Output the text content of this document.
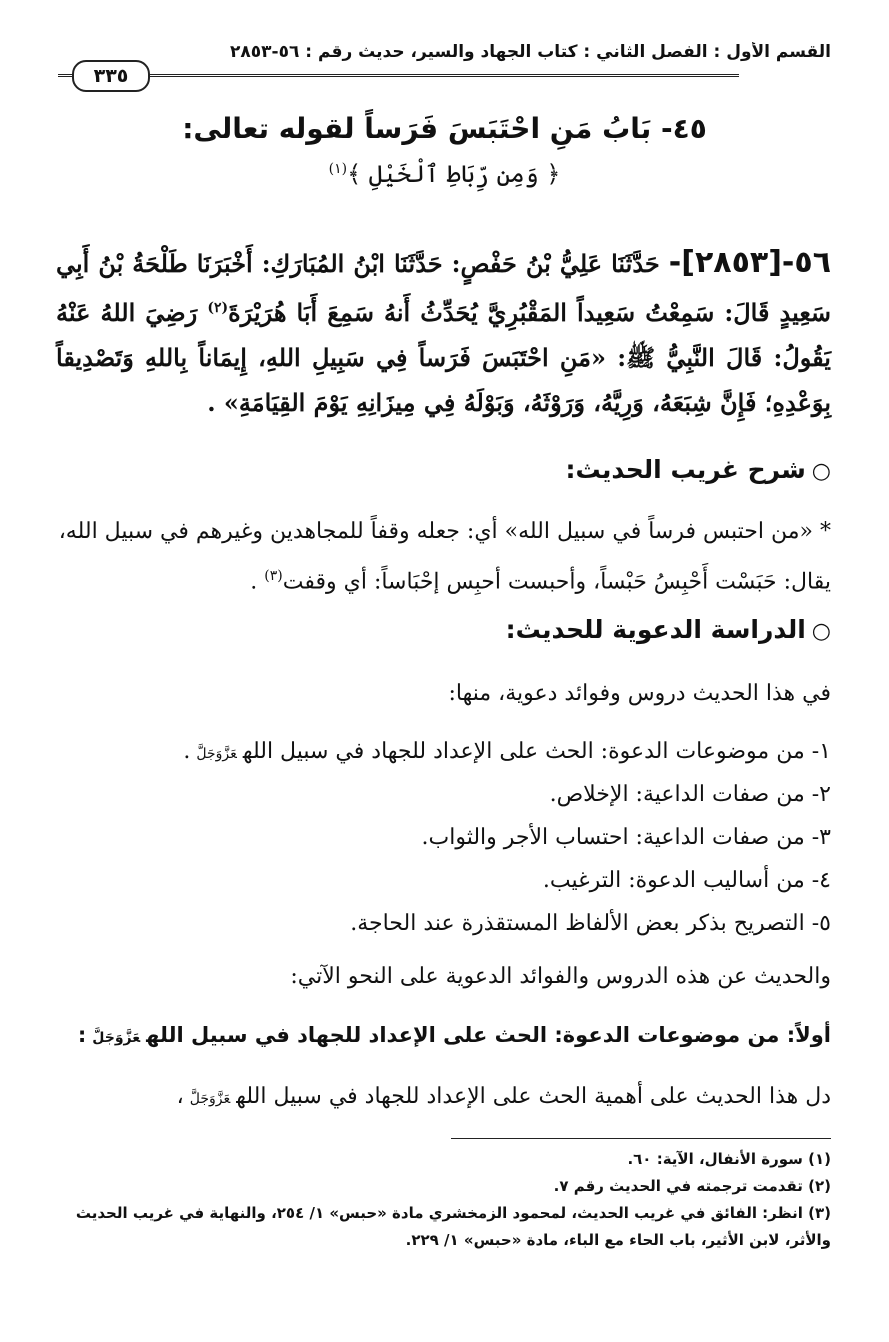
القسم الأول : الفصل الثاني : كتاب الجهاد والسير، حديث رقم : ٥٦-٢٨٥٣
٣٣٥
٤٥- بَابُ مَنِ احْتَبَسَ فَرَساً لقوله تعالى:
﴿ وَمِن رِّبَاطِ ٱلْخَيْلِ ﴾$^{(١)}$
٥٦-[٢٨٥٣]- حَدَّثَنَا عَلِيُّ بْنُ حَفْصٍ: حَدَّثَنَا ابْنُ المُبَارَكِ: أَخْبَرَنَا طَلْحَةُ بْنُ أَبِي سَعِيدٍ قَالَ: سَمِعْتُ سَعِيداً المَقْبُرِيَّ يُحَدِّثُ أَنهُ سَمِعَ أَبَا هُرَيْرَةَ$^{(٢)}$ رَضِيَ اللهُ عَنْهُ يَقُولُ: قَالَ النَّبِيُّ ﷺ: «مَنِ احْتَبَسَ فَرَساً فِي سَبِيلِ اللهِ، إِيمَاناً بِاللهِ وَتَصْدِيقاً بِوَعْدِهِ؛ فَإِنَّ شِبَعَهُ، وَرِيَّهُ، وَرَوْثَهُ، وَبَوْلَهُ فِي مِيزَانِهِ يَوْمَ القِيَامَةِ» .
○شرح غريب الحديث:
* «من احتبس فرساً في سبيل الله» أي: جعله وقفاً للمجاهدين وغيرهم في سبيل الله، يقال: حَبَسْت أَحْبِسُ حَبْساً، وأحبست أحبِس إحْبَاساً: أي وقفت$^{(٣)}$ .
○الدراسة الدعوية للحديث:
في هذا الحديث دروس وفوائد دعوية، منها:
١- من موضوعات الدعوة: الحث على الإعداد للجهاد في سبيل اللهعَزَّوَجَلَّ.
٢- من صفات الداعية: الإخلاص.
٣- من صفات الداعية: احتساب الأجر والثواب.
٤- من أساليب الدعوة: الترغيب.
٥- التصريح بذكر بعض الألفاظ المستقذرة عند الحاجة.
والحديث عن هذه الدروس والفوائد الدعوية على النحو الآتي:
أولاً: من موضوعات الدعوة: الحث على الإعداد للجهاد في سبيل اللهعَزَّوَجَلَّ:
دل هذا الحديث على أهمية الحث على الإعداد للجهاد في سبيل اللهعَزَّوَجَلَّ،
(١) سورة الأنفال، الآية: ٦٠.
(٢) تقدمت ترجمته في الحديث رقم ٧.
(٣) انظر: الفائق في غريب الحديث، لمحمود الزمخشري مادة «حبس» ١/ ٢٥٤، والنهاية في غريب الحديث والأثر، لابن الأثير، باب الحاء مع الباء، مادة «حبس» ١/ ٢٢٩.
